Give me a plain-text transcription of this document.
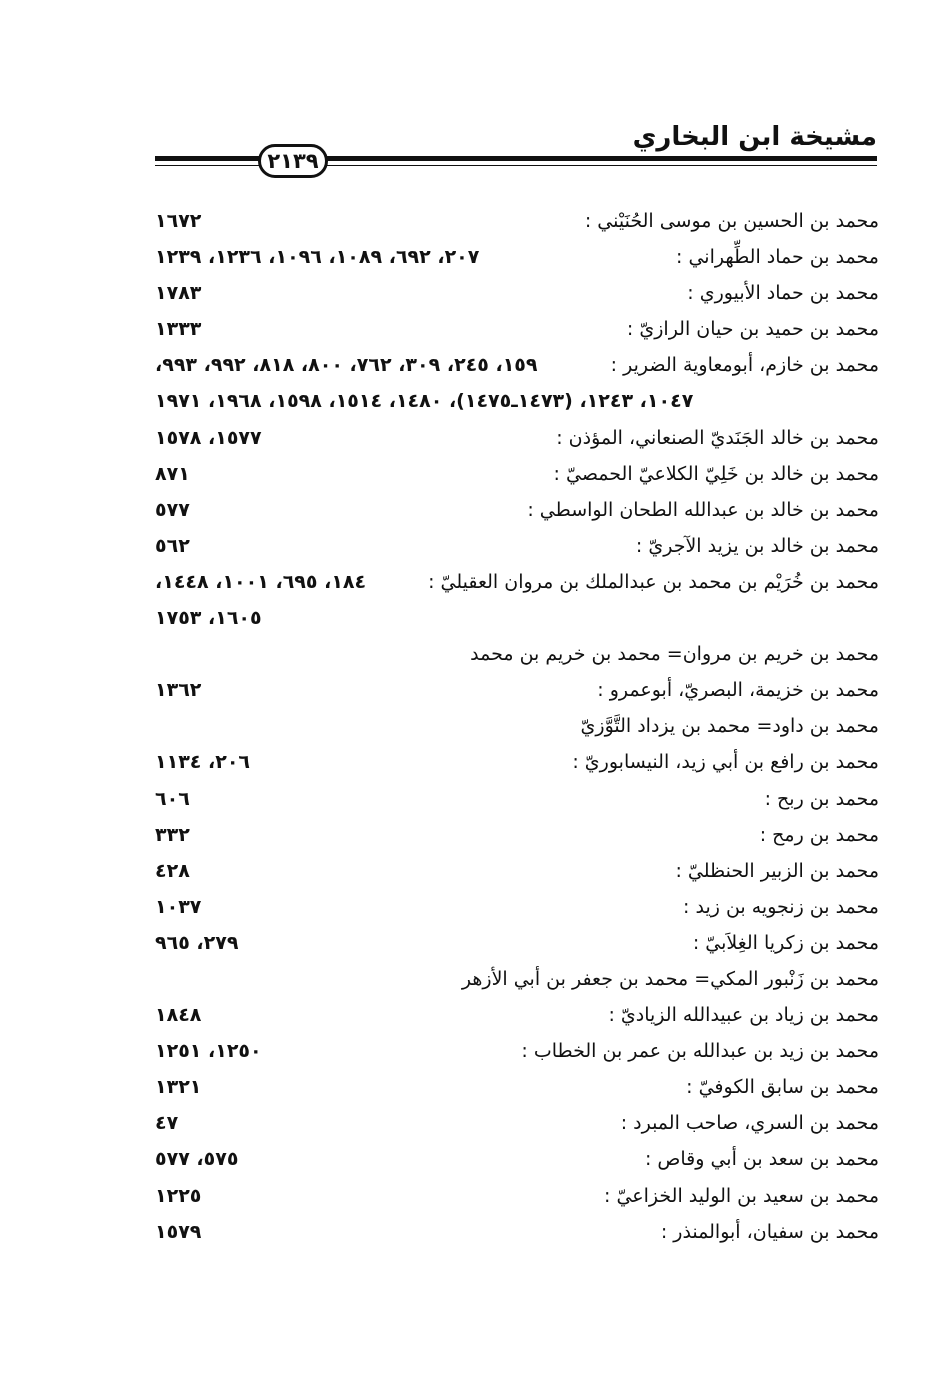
مشيخة ابن البخاري
٢١٣٩
محمد بن الحسين بن موسى الحُنَيْني :
١٦٧٢
محمد بن حماد الطِّهراني :
٢٠٧، ٦٩٢، ١٠٨٩، ١٠٩٦، ١٢٣٦، ١٢٣٩
محمد بن حماد الأبيوري :
١٧٨٣
محمد بن حميد بن حيان الرازيّ :
١٣٣٣
محمد بن خازم، أبومعاوية الضرير :
١٥٩، ٢٤٥، ٣٠٩، ٧٦٢، ٨٠٠، ٨١٨، ٩٩٢، ٩٩٣،
١٠٤٧، ١٢٤٣، (١٤٧٣ـ١٤٧٥)، ١٤٨٠، ١٥١٤، ١٥٩٨، ١٩٦٨، ١٩٧١
محمد بن خالد الجَنَديّ الصنعاني، المؤذن :
١٥٧٧، ١٥٧٨
محمد بن خالد بن خَلِيّ الكلاعيّ الحمصيّ :
٨٧١
محمد بن خالد بن عبدالله الطحان الواسطي :
٥٧٧
محمد بن خالد بن يزيد الآجريّ :
٥٦٢
محمد بن خُرَيْم بن محمد بن عبدالملك بن مروان العقيليّ :
١٨٤، ٦٩٥، ١٠٠١، ١٤٤٨،
١٦٠٥، ١٧٥٣
محمد بن خريم بن مروان= محمد بن خريم بن محمد
محمد بن خزيمة، البصريّ، أبوعمرو :
١٣٦٢
محمد بن داود= محمد بن يزداد التَّوَّزيّ
محمد بن رافع بن أبي زيد، النيسابوريّ :
٢٠٦، ١١٣٤
محمد بن ربح :
٦٠٦
محمد بن رمح :
٣٣٢
محمد بن الزبير الحنظليّ :
٤٢٨
محمد بن زنجويه بن زيد :
١٠٣٧
محمد بن زكريا الغِلاَبيّ :
٢٧٩، ٩٦٥
محمد بن زَنْبور المكي= محمد بن جعفر بن أبي الأزهر
محمد بن زياد بن عبيدالله الزياديّ :
١٨٤٨
محمد بن زيد بن عبدالله بن عمر بن الخطاب :
١٢٥٠، ١٢٥١
محمد بن سابق الكوفيّ :
١٣٢١
محمد بن السري، صاحب المبرد :
٤٧
محمد بن سعد بن أبي وقاص :
٥٧٥، ٥٧٧
محمد بن سعيد بن الوليد الخزاعيّ :
١٢٢٥
محمد بن سفيان، أبوالمنذر :
١٥٧٩
